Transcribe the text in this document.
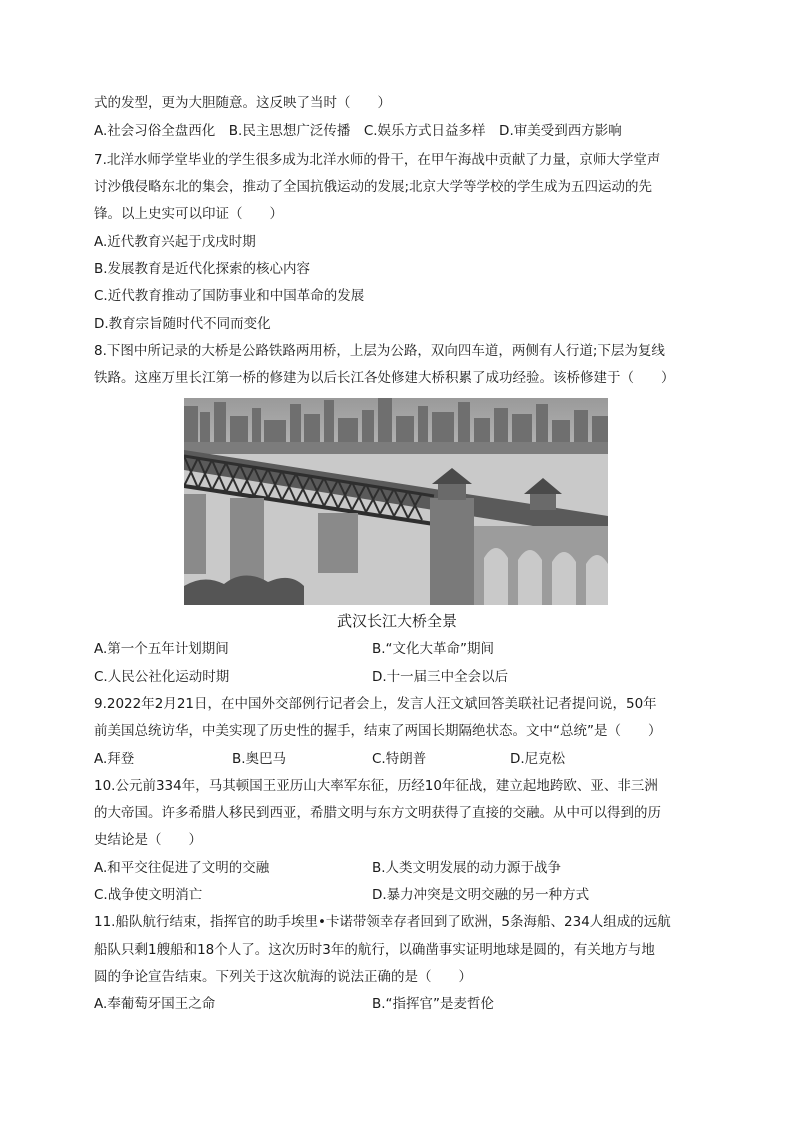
式的发型，更为大胆随意。这反映了当时（　　）
A.社会习俗全盘西化　B.民主思想广泛传播　C.娱乐方式日益多样　D.审美受到西方影响
7.北洋水师学堂毕业的学生很多成为北洋水师的骨干，在甲午海战中贡献了力量，京师大学堂声
讨沙俄侵略东北的集会，推动了全国抗俄运动的发展;北京大学等学校的学生成为五四运动的先
锋。以上史实可以印证（　　）
A.近代教育兴起于戊戌时期
B.发展教育是近代化探索的核心内容
C.近代教育推动了国防事业和中国革命的发展
D.教育宗旨随时代不同而变化
8.下图中所记录的大桥是公路铁路两用桥，上层为公路，双向四车道，两侧有人行道;下层为复线
铁路。这座万里长江第一桥的修建为以后长江各处修建大桥积累了成功经验。该桥修建于（　　）
武汉长江大桥全景
A.第一个五年计划期间	B.“文化大革命”期间
C.人民公社化运动时期	D.十一届三中全会以后
9.2022年2月21日，在中国外交部例行记者会上，发言人汪文斌回答美联社记者提问说，50年
前美国总统访华，中美实现了历史性的握手，结束了两国长期隔绝状态。文中“总统”是（　　）
A.拜登	B.奥巴马	C.特朗普	D.尼克松
10.公元前334年，马其顿国王亚历山大率军东征，历经10年征战，建立起地跨欧、亚、非三洲
的大帝国。许多希腊人移民到西亚，希腊文明与东方文明获得了直接的交融。从中可以得到的历
史结论是（　　）
A.和平交往促进了文明的交融	B.人类文明发展的动力源于战争
C.战争使文明消亡	D.暴力冲突是文明交融的另一种方式
11.船队航行结束，指挥官的助手埃里•卡诺带领幸存者回到了欧洲，5条海船、234人组成的远航
船队只剩1艘船和18个人了。这次历时3年的航行，以确凿事实证明地球是圆的，有关地方与地
圆的争论宣告结束。下列关于这次航海的说法正确的是（　　）
A.奉葡萄牙国王之命	B.“指挥官”是麦哲伦
